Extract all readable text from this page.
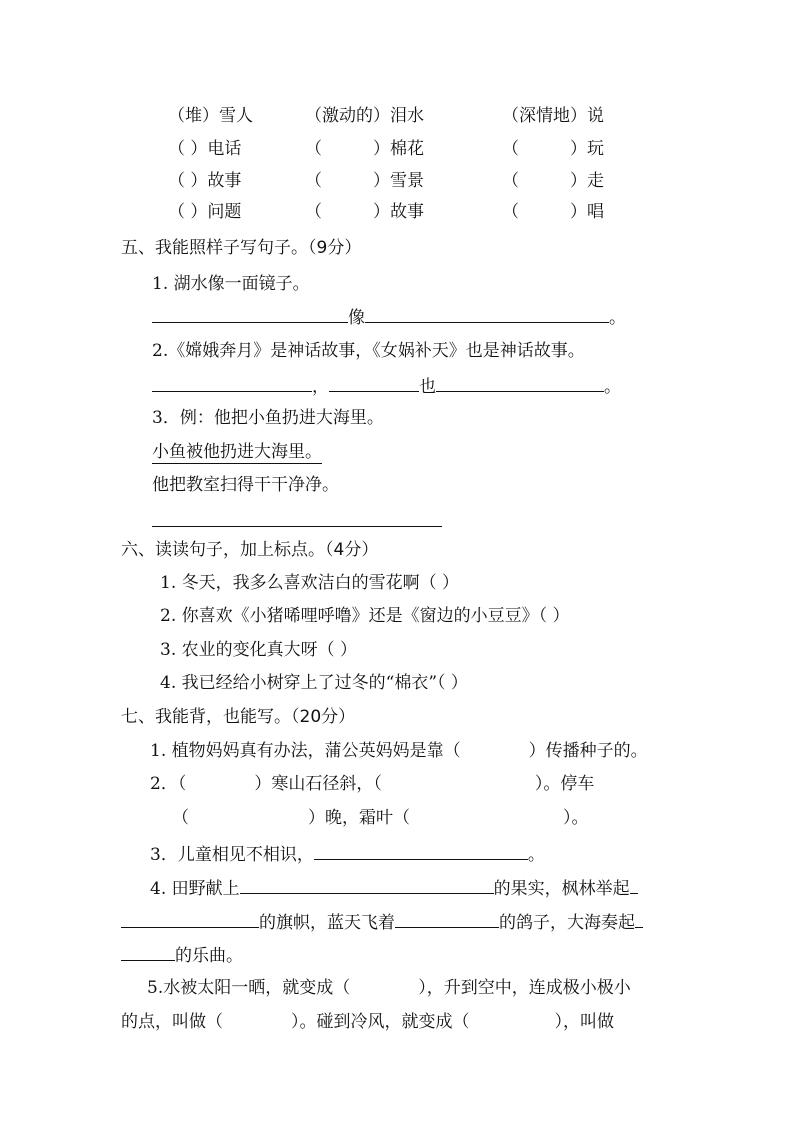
（堆）雪人	（激动的）泪水	（深情地）说
（ ）电话	（　　　）棉花	（　　　）玩
（ ）故事	（　　　）雪景	（　　　）走
（ ）问题	（　　　）故事	（　　　）唱
五、我能照样子写句子。（9分）
1. 湖水像一面镜子。
像	。
2.《嫦娥奔月》是神话故事，《女娲补天》也是神话故事。
，	也	。
3．例：他把小鱼扔进大海里。
小鱼被他扔进大海里。
他把教室扫得干干净净。
六、读读句子，加上标点。（4分）
1. 冬天，我多么喜欢洁白的雪花啊（ ）
2. 你喜欢《小猪唏哩呼噜》还是《窗边的小豆豆》（ ）
3. 农业的变化真大呀（ ）
4. 我已经给小树穿上了过冬的“棉衣”（ ）
七、我能背，也能写。（20分）
1. 植物妈妈真有办法，蒲公英妈妈是靠（　　　　）传播种子的。
2．（　　　　）寒山石径斜，（　　　　　　　　　）。停车
（　　　　　　　）晚，霜叶（　　　　　　　　　）。
3．儿童相见不相识，	。
4. 田野献上	的果实，枫林举起
的旗帜，蓝天飞着	的鸽子，大海奏起
的乐曲。
5.水被太阳一晒，就变成（　　　　），升到空中，连成极小极小
的点，叫做（　　　　）。碰到冷风，就变成（　　　　　），叫做
